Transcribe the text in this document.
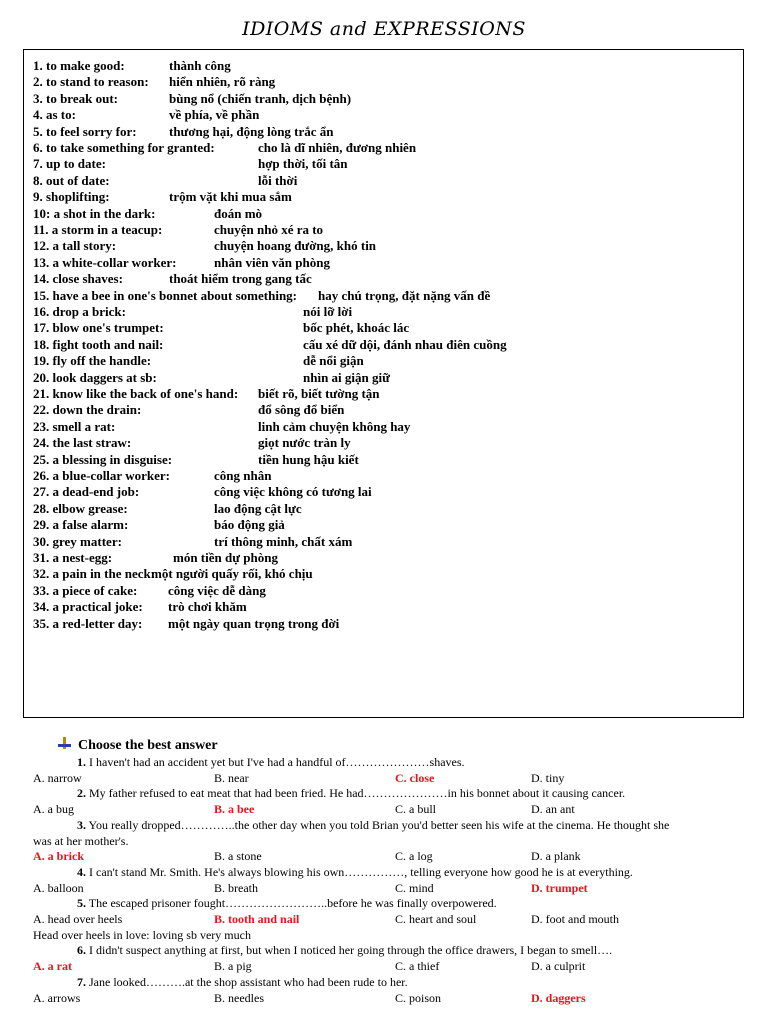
IDIOMS and EXPRESSIONS
1. to make good:	thành công
2. to stand to reason: hiển nhiên, rõ ràng
3. to break out:	bùng nổ (chiến tranh, dịch bệnh)
4. as to:	về phía, về phần
5. to feel sorry for: thương hại, động lòng trắc ẩn
6. to take something for granted:	cho là dĩ nhiên, đương nhiên
7. up to date:	hợp thời, tối tân
8. out of date:	lỗi thời
9. shoplifting:	trộm vặt khi mua sắm
10: a shot in the dark:	đoán mò
11. a storm in a teacup:	chuyện nhỏ xé ra to
12. a tall story:	chuyện hoang đường, khó tin
13. a white-collar worker:	nhân viên văn phòng
14. close shaves:	thoát hiểm trong gang tấc
15. have a bee in one's bonnet about something: hay chú trọng, đặt nặng vấn đề
16. drop a brick:	nói lỡ lời
17. blow one's trumpet:	bốc phét, khoác lác
18. fight tooth and nail:	cấu xé dữ dội, đánh nhau điên cuồng
19. fly off the handle:	dễ nổi giận
20. look daggers at sb:	nhìn ai giận giữ
21. know like the back of one's hand: biết rõ, biết tường tận
22. down the drain:	đổ sông đổ biển
23. smell a rat:	linh cảm chuyện không hay
24. the last straw:	giọt nước tràn ly
25. a blessing in disguise:	tiền hung hậu kiết
26. a blue-collar worker:	công nhân
27. a dead-end job:	công việc không có tương lai
28. elbow grease:	lao động cật lực
29. a false alarm:	báo động giả
30. grey matter:	trí thông minh, chất xám
31. a nest-egg:	món tiền dự phòng
32. a pain in the neck:
một người quấy rối, khó chịu
33. a piece of cake: công việc dễ dàng
34. a practical joke: trò chơi khăm
35. a red-letter day: một ngày quan trọng trong đời
Choose the best answer
1. I haven't had an accident yet but I've had a handful of…………………shaves.
A. narrow	B. near	C. close	D. tiny
2. My father refused to eat meat that had been fried. He had…………………in his bonnet about it causing cancer.
A. a bug	B. a bee	C. a bull	D. an ant
3. You really dropped…………..the other day when you told Brian you'd better seen his wife at the cinema. He thought she
was at her mother's.
A. a brick	B. a stone	C. a log	D. a plank
4. I can't stand Mr. Smith. He's always blowing his own……………, telling everyone how good he is at everything.
A. balloon	B. breath	C. mind	D. trumpet
5. The escaped prisoner fought……………………..before he was finally overpowered.
A. head over heels	B. tooth and nail	C. heart and soul	D. foot and mouth
Head over heels in love: loving sb very much
6. I didn't suspect anything at first, but when I noticed her going through the office drawers, I began to smell….
A. a rat	B. a pig	C. a thief	D. a culprit
7. Jane looked……….at the shop assistant who had been rude to her.
A. arrows	B. needles	C. poison	D. daggers
